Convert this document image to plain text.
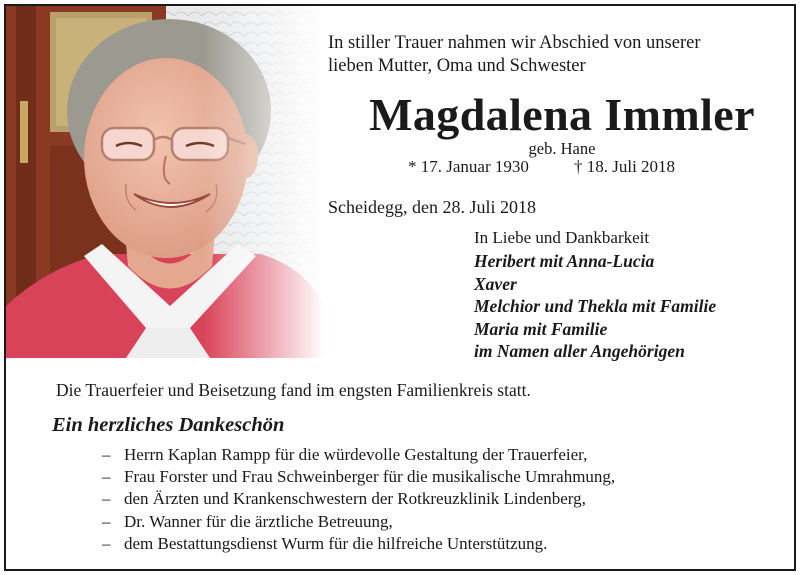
In stiller Trauer nahmen wir Abschied von unserer
lieben Mutter, Oma und Schwester
Magdalena Immler
geb. Hane
* 17. Januar 1930	† 18. Juli 2018
Scheidegg, den 28. Juli 2018
In Liebe und Dankbarkeit
Heribert mit Anna-Lucia
Xaver
Melchior und Thekla mit Familie
Maria mit Familie
im Namen aller Angehörigen
Die Trauerfeier und Beisetzung fand im engsten Familienkreis statt.
Ein herzliches Dankeschön
– Herrn Kaplan Rampp für die würdevolle Gestaltung der Trauerfeier,
– Frau Forster und Frau Schweinberger für die musikalische Umrahmung,
– den Ärzten und Krankenschwestern der Rotkreuzklinik Lindenberg,
– Dr. Wanner für die ärztliche Betreuung,
– dem Bestattungsdienst Wurm für die hilfreiche Unterstützung.
